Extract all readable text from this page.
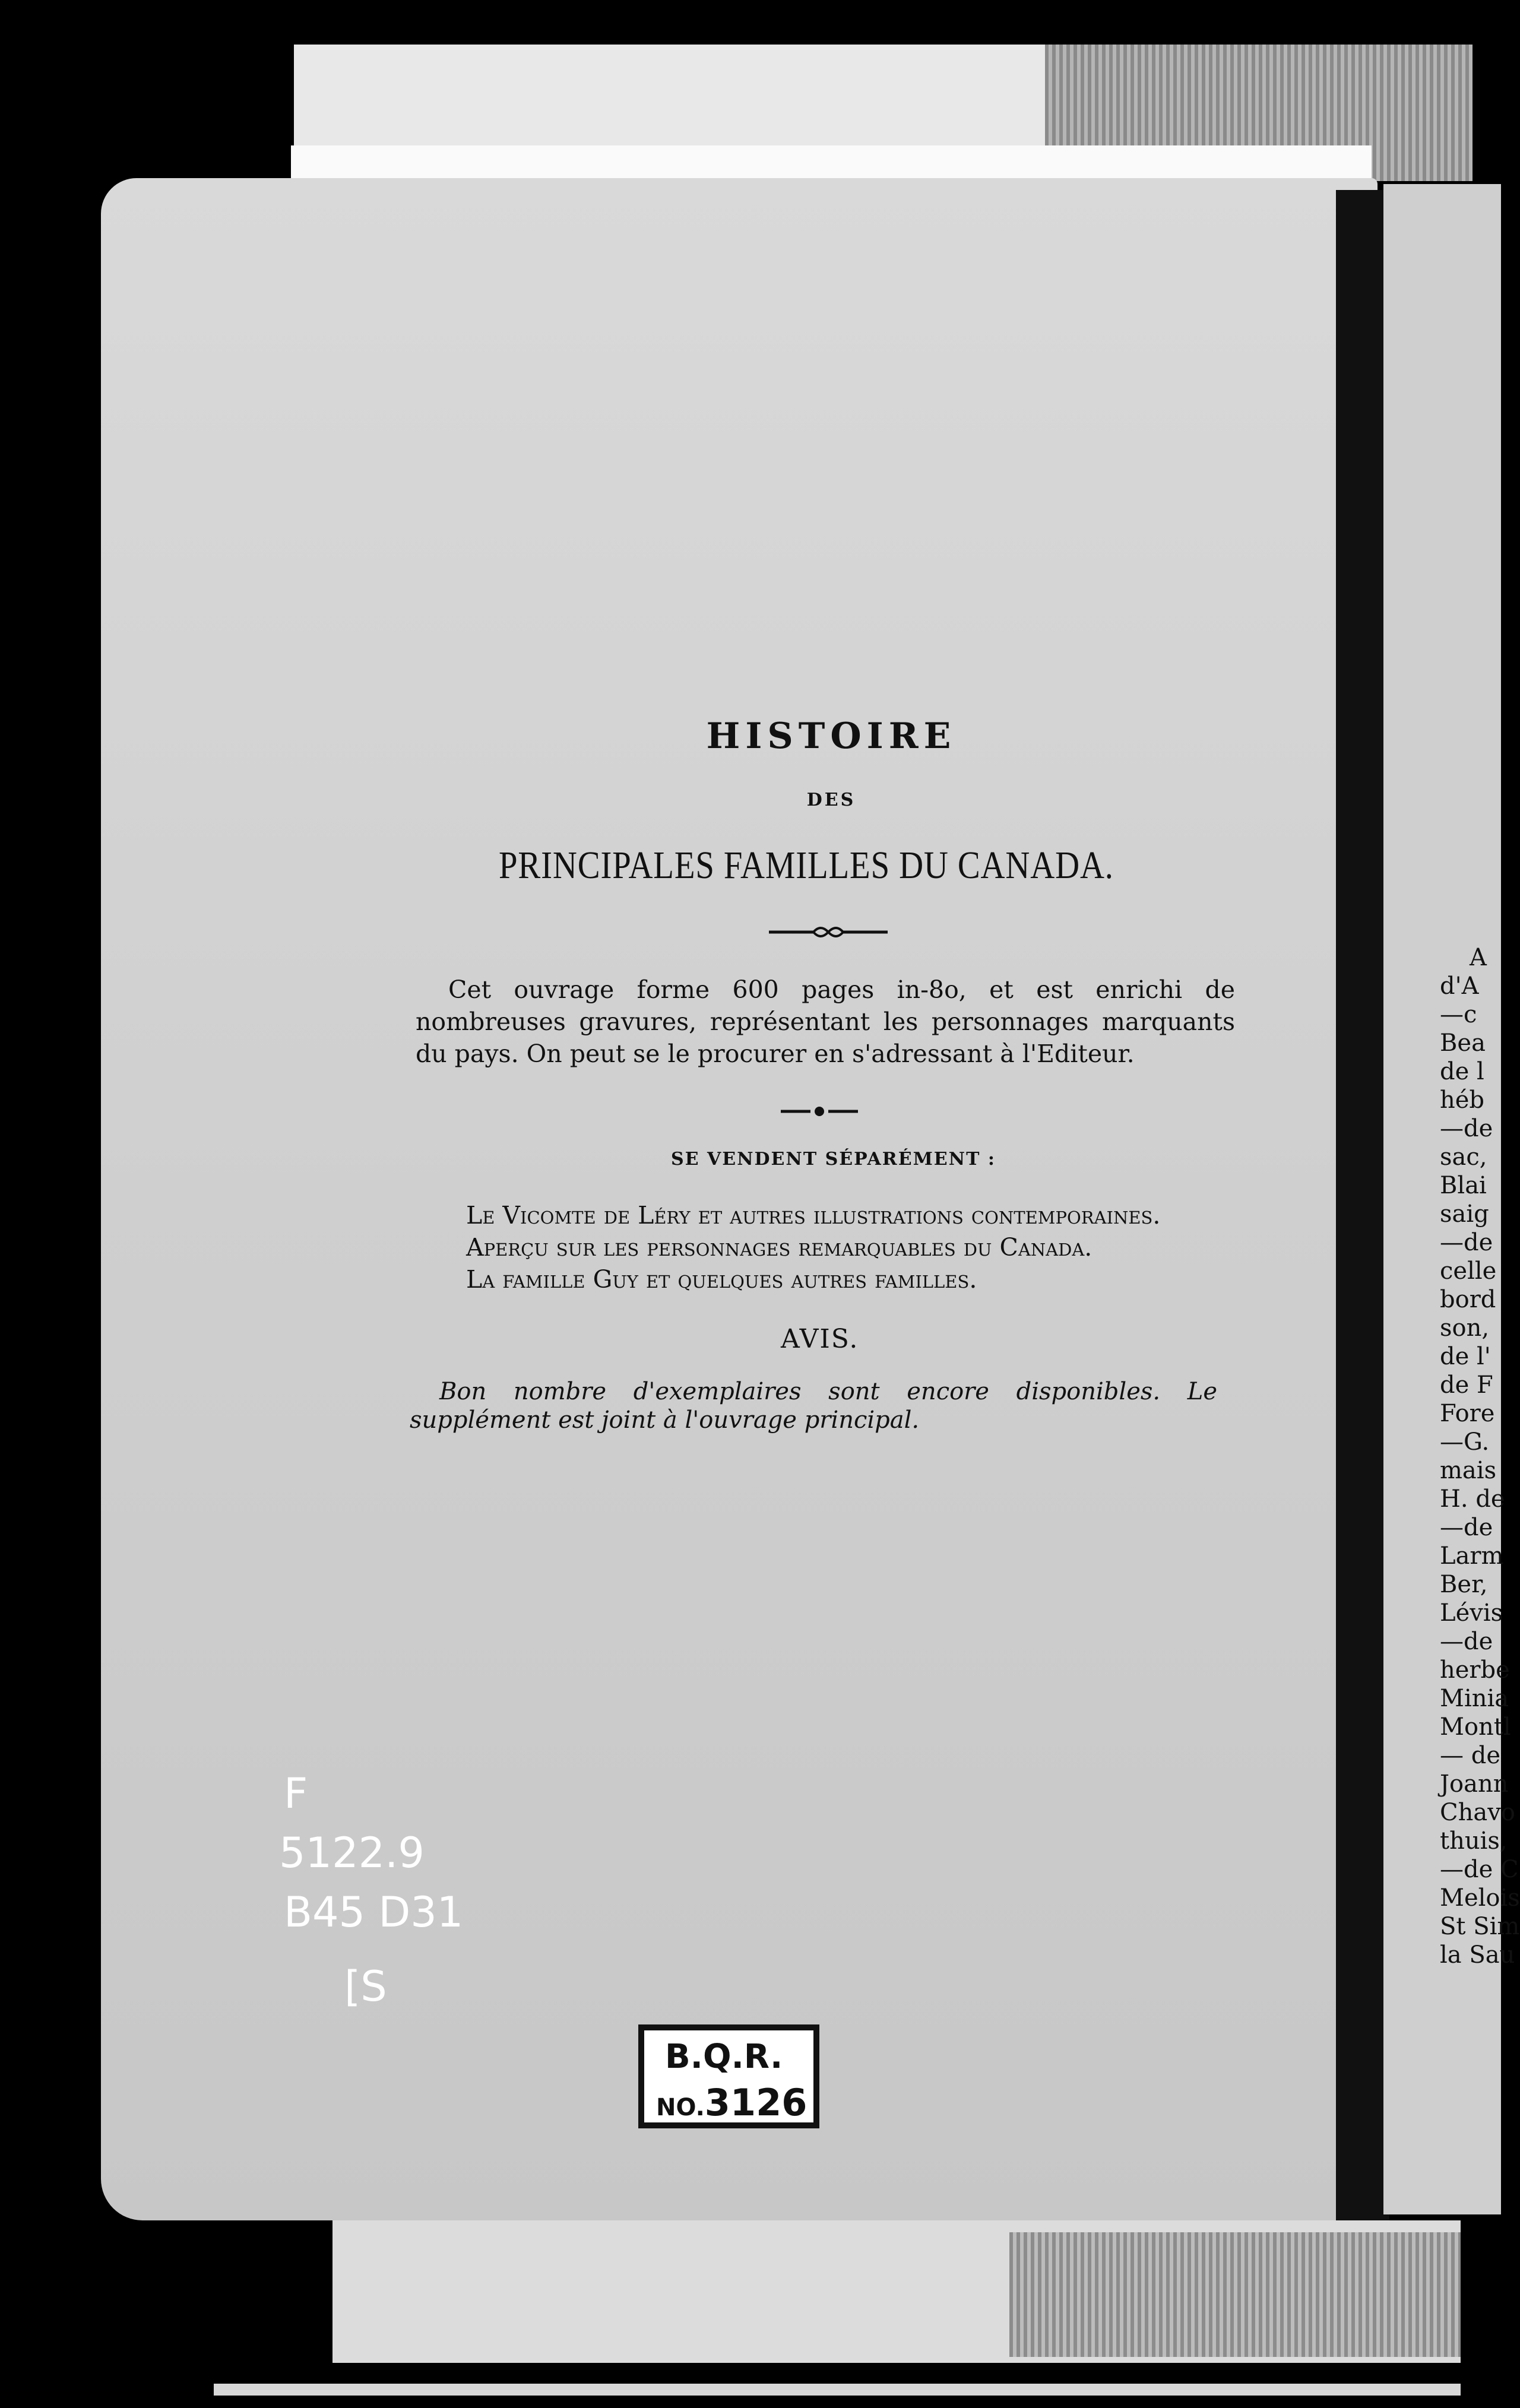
HISTOIRE
DES
PRINCIPALES FAMILLES DU CANADA.
Cet ouvrage forme 600 pages in-8o, et est enrichi de nombreuses gravures, représentant les personnages marquants du pays. On peut se le procurer en s'adressant à l'Editeur.
SE VENDENT SÉPARÉMENT :
Le Vicomte de Léry et autres illustrations contemporaines.
Aperçu sur les personnages remarquables du Canada.
La famille Guy et quelques autres familles.
AVIS.
Bon nombre d'exemplaires sont encore disponibles. Le supplément est joint à l'ouvrage principal.
F
5122.9
B45 D31
[S
B.Q.R.
NO.3126
A
d'A
—c
Bea
de l
héb
—de
sac,
Blai
saig
—de
celle
bord
son,
de l'
de F
Fore
—G.
mais
H. de
—de
Larm
Ber,
Lévis
—de
herbe
Minia
Montl
— de
Joann
Chavo
thuis,
—de C
Melois
St Sim
la Sau
